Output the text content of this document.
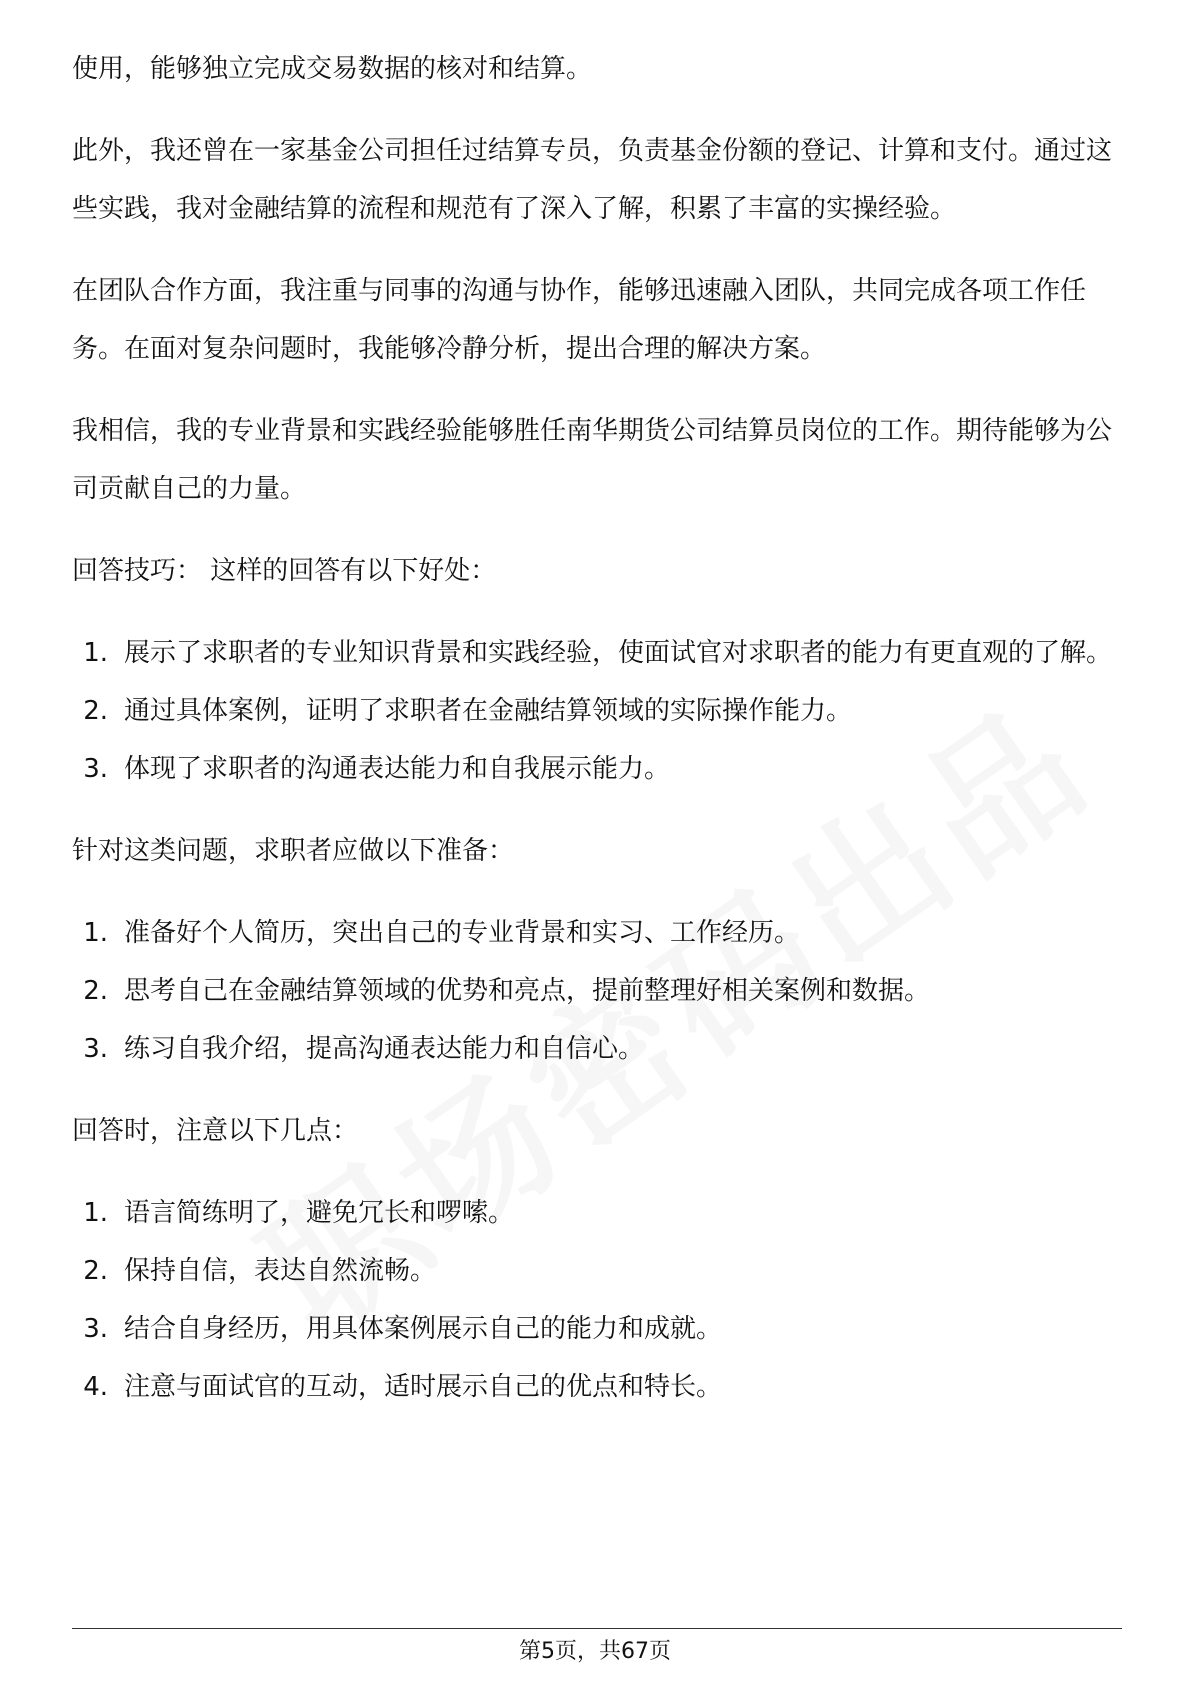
使用，能够独立完成交易数据的核对和结算。

此外，我还曾在一家基金公司担任过结算专员，负责基金份额的登记、计算和支付。通过这些实践，我对金融结算的流程和规范有了深入了解，积累了丰富的实操经验。

在团队合作方面，我注重与同事的沟通与协作，能够迅速融入团队，共同完成各项工作任务。在面对复杂问题时，我能够冷静分析，提出合理的解决方案。

我相信，我的专业背景和实践经验能够胜任南华期货公司结算员岗位的工作。期待能够为公司贡献自己的力量。

回答技巧： 这样的回答有以下好处：

1. 展示了求职者的专业知识背景和实践经验，使面试官对求职者的能力有更直观的了解。
2. 通过具体案例，证明了求职者在金融结算领域的实际操作能力。
3. 体现了求职者的沟通表达能力和自我展示能力。

针对这类问题，求职者应做以下准备：

1. 准备好个人简历，突出自己的专业背景和实习、工作经历。
2. 思考自己在金融结算领域的优势和亮点，提前整理好相关案例和数据。
3. 练习自我介绍，提高沟通表达能力和自信心。

回答时，注意以下几点：

1. 语言简练明了，避免冗长和啰嗦。
2. 保持自信，表达自然流畅。
3. 结合自身经历，用具体案例展示自己的能力和成就。
4. 注意与面试官的互动，适时展示自己的优点和特长。
第5页，共67页
